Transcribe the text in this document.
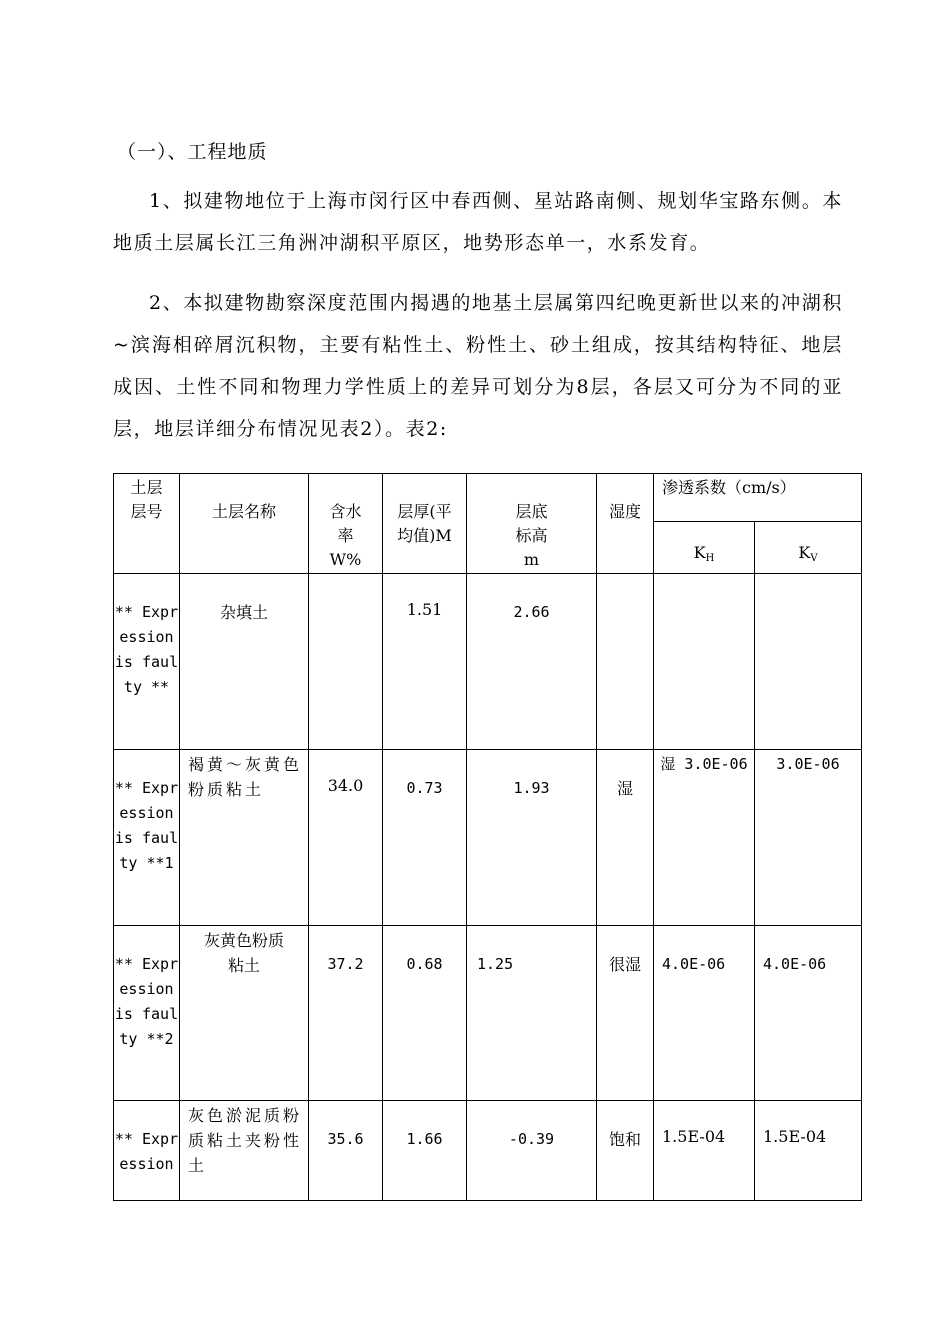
（一）、工程地质
1、拟建物地位于上海市闵行区中春西侧、星站路南侧、规划华宝路东侧。本地质土层属长江三角洲冲湖积平原区，地势形态单一，水系发育。
2、本拟建物勘察深度范围内揭遇的地基土层属第四纪晚更新世以来的冲湖积~滨海相碎屑沉积物，主要有粘性土、粉性土、砂土组成，按其结构特征、地层成因、土性不同和物理力学性质上的差异可划分为8层，各层又可分为不同的亚层，地层详细分布情况见表2）。表2:
土层层号	土层名称	含水率W%	层厚(平均值)M	层底标高m	湿度	渗透系数（cm/s）	
						$K_H$	$K_V$
** Expression is faulty **	杂填土		1.51	2.66			
** Expression is faulty **1	褐黄～灰黄色粉质粘土	34.0	0.73	1.93	湿	湿 3.0E-06	3.0E-06
** Expression is faulty **2	灰黄色粉质粘土	37.2	0.68	1.25	很湿	4.0E-06	4.0E-06
** Expression	灰色淤泥质粉质粘土夹粉性土	35.6	1.66	-0.39	饱和	1.5E-04	1.5E-04
